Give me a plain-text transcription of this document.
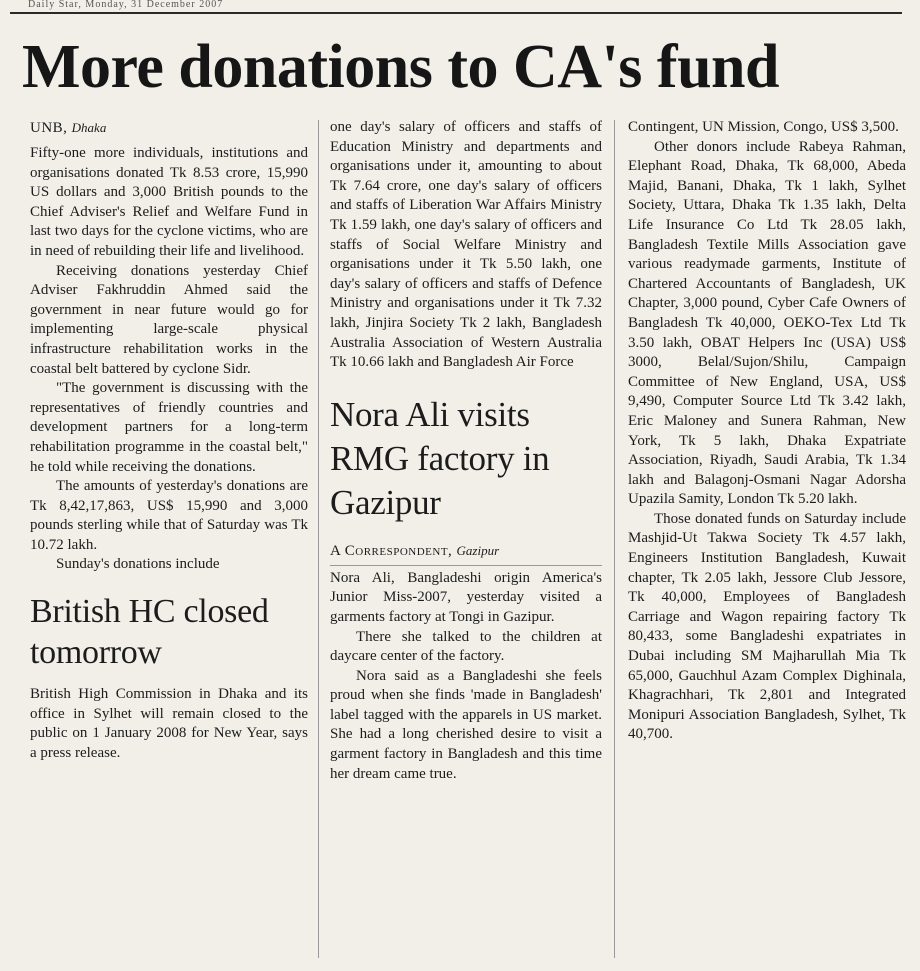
Daily Star, Monday, 31 December 2007
More donations to CA's fund

UNB, Dhaka

Fifty-one more individuals, institutions and organisations donated Tk 8.53 crore, 15,990 US dollars and 3,000 British pounds to the Chief Adviser's Relief and Welfare Fund in last two days for the cyclone victims, who are in need of rebuilding their life and livelihood.

Receiving donations yesterday Chief Adviser Fakhruddin Ahmed said the government in near future would go for implementing large-scale physical infrastructure rehabilitation works in the coastal belt battered by cyclone Sidr.

"The government is discussing with the representatives of friendly countries and development partners for a long-term rehabilitation programme in the coastal belt," he told while receiving the donations.

The amounts of yesterday's donations are Tk 8,42,17,863, US$ 15,990 and 3,000 pounds sterling while that of Saturday was Tk 10.72 lakh.

Sunday's donations include

British HC closed tomorrow

British High Commission in Dhaka and its office in Sylhet will remain closed to the public on 1 January 2008 for New Year, says a press release.

one day's salary of officers and staffs of Education Ministry and departments and organisations under it, amounting to about Tk 7.64 crore, one day's salary of officers and staffs of Liberation War Affairs Ministry Tk 1.59 lakh, one day's salary of officers and staffs of Social Welfare Ministry and organisations under it Tk 5.50 lakh, one day's salary of officers and staffs of Defence Ministry and organisations under it Tk 7.32 lakh, Jinjira Society Tk 2 lakh, Bangladesh Australia Association of Western Australia Tk 10.66 lakh and Bangladesh Air Force

Nora Ali visits RMG factory in Gazipur

A Correspondent, Gazipur

Nora Ali, Bangladeshi origin America's Junior Miss-2007, yesterday visited a garments factory at Tongi in Gazipur.

There she talked to the children at daycare center of the factory.

Nora said as a Bangladeshi she feels proud when she finds 'made in Bangladesh' label tagged with the apparels in US market. She had a long cherished desire to visit a garment factory in Bangladesh and this time her dream came true.

Contingent, UN Mission, Congo, US$ 3,500.

Other donors include Rabeya Rahman, Elephant Road, Dhaka, Tk 68,000, Abeda Majid, Banani, Dhaka, Tk 1 lakh, Sylhet Society, Uttara, Dhaka Tk 1.35 lakh, Delta Life Insurance Co Ltd Tk 28.05 lakh, Bangladesh Textile Mills Association gave various readymade garments, Institute of Chartered Accountants of Bangladesh, UK Chapter, 3,000 pound, Cyber Cafe Owners of Bangladesh Tk 40,000, OEKO-Tex Ltd Tk 3.50 lakh, OBAT Helpers Inc (USA) US$ 3000, Belal/Sujon/Shilu, Campaign Committee of New England, USA, US$ 9,490, Computer Source Ltd Tk 3.42 lakh, Eric Maloney and Sunera Rahman, New York, Tk 5 lakh, Dhaka Expatriate Association, Riyadh, Saudi Arabia, Tk 1.34 lakh and Balagonj-Osmani Nagar Adorsha Upazila Samity, London Tk 5.20 lakh.

Those donated funds on Saturday include Mashjid-Ut Takwa Society Tk 4.57 lakh, Engineers Institution Bangladesh, Kuwait chapter, Tk 2.05 lakh, Jessore Club Jessore, Tk 40,000, Employees of Bangladesh Carriage and Wagon repairing factory Tk 80,433, some Bangladeshi expatriates in Dubai including SM Majharullah Mia Tk 65,000, Gauchhul Azam Complex Dighinala, Khagrachhari, Tk 2,801 and Integrated Monipuri Association Bangladesh, Sylhet, Tk 40,700.
